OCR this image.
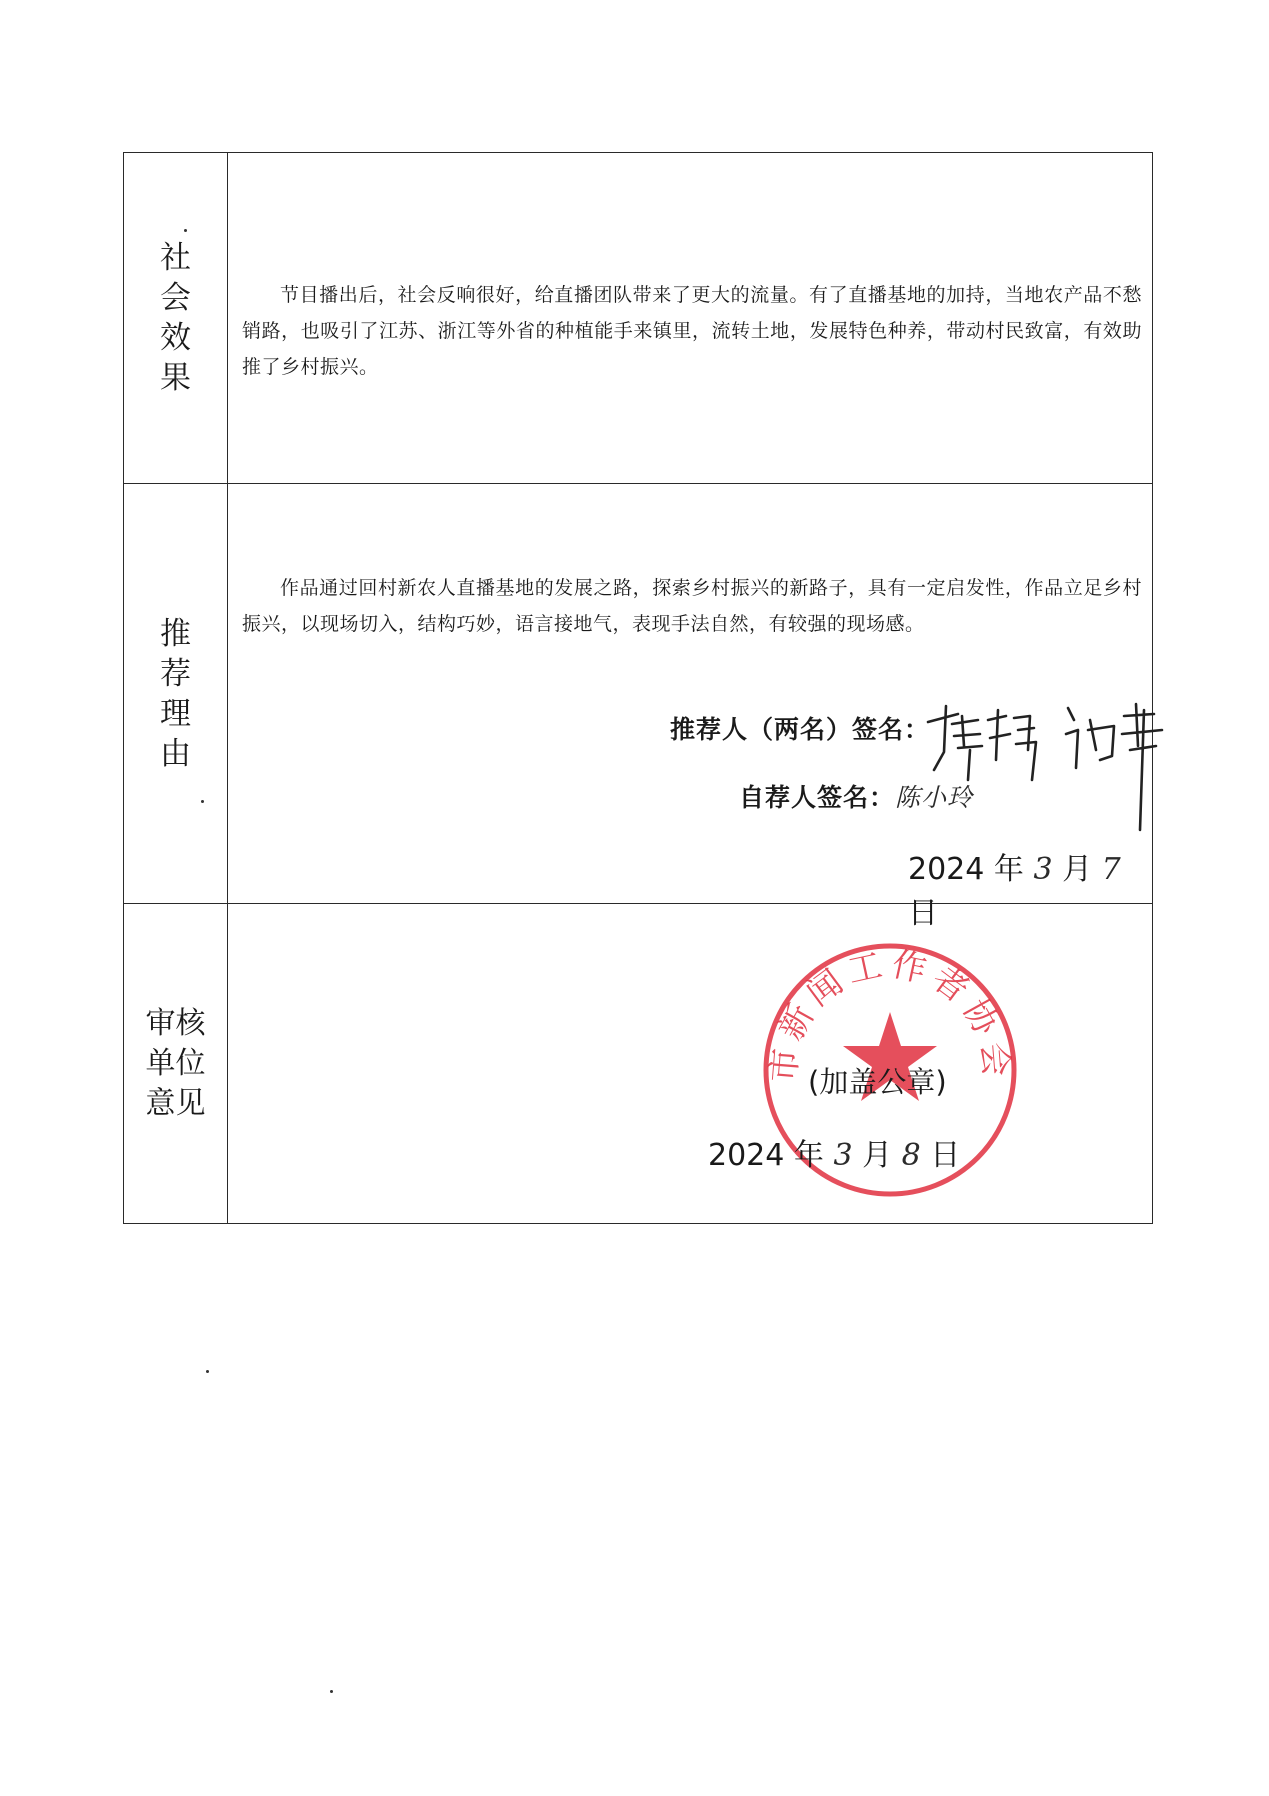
社会效果
节目播出后，社会反响很好，给直播团队带来了更大的流量。有了直播基地的加持，当地农产品不愁销路，也吸引了江苏、浙江等外省的种植能手来镇里，流转土地，发展特色种养，带动村民致富，有效助推了乡村振兴。
推荐理由
作品通过回村新农人直播基地的发展之路，探索乡村振兴的新路子，具有一定启发性，作品立足乡村振兴，以现场切入，结构巧妙，语言接地气，表现手法自然，有较强的现场感。
推荐人（两名）签名：
自荐人签名：陈小玲
2024 年 3 月 7 日
审核单位意见
市新闻工作者协会
(加盖公章)
2024 年 3 月 8 日
